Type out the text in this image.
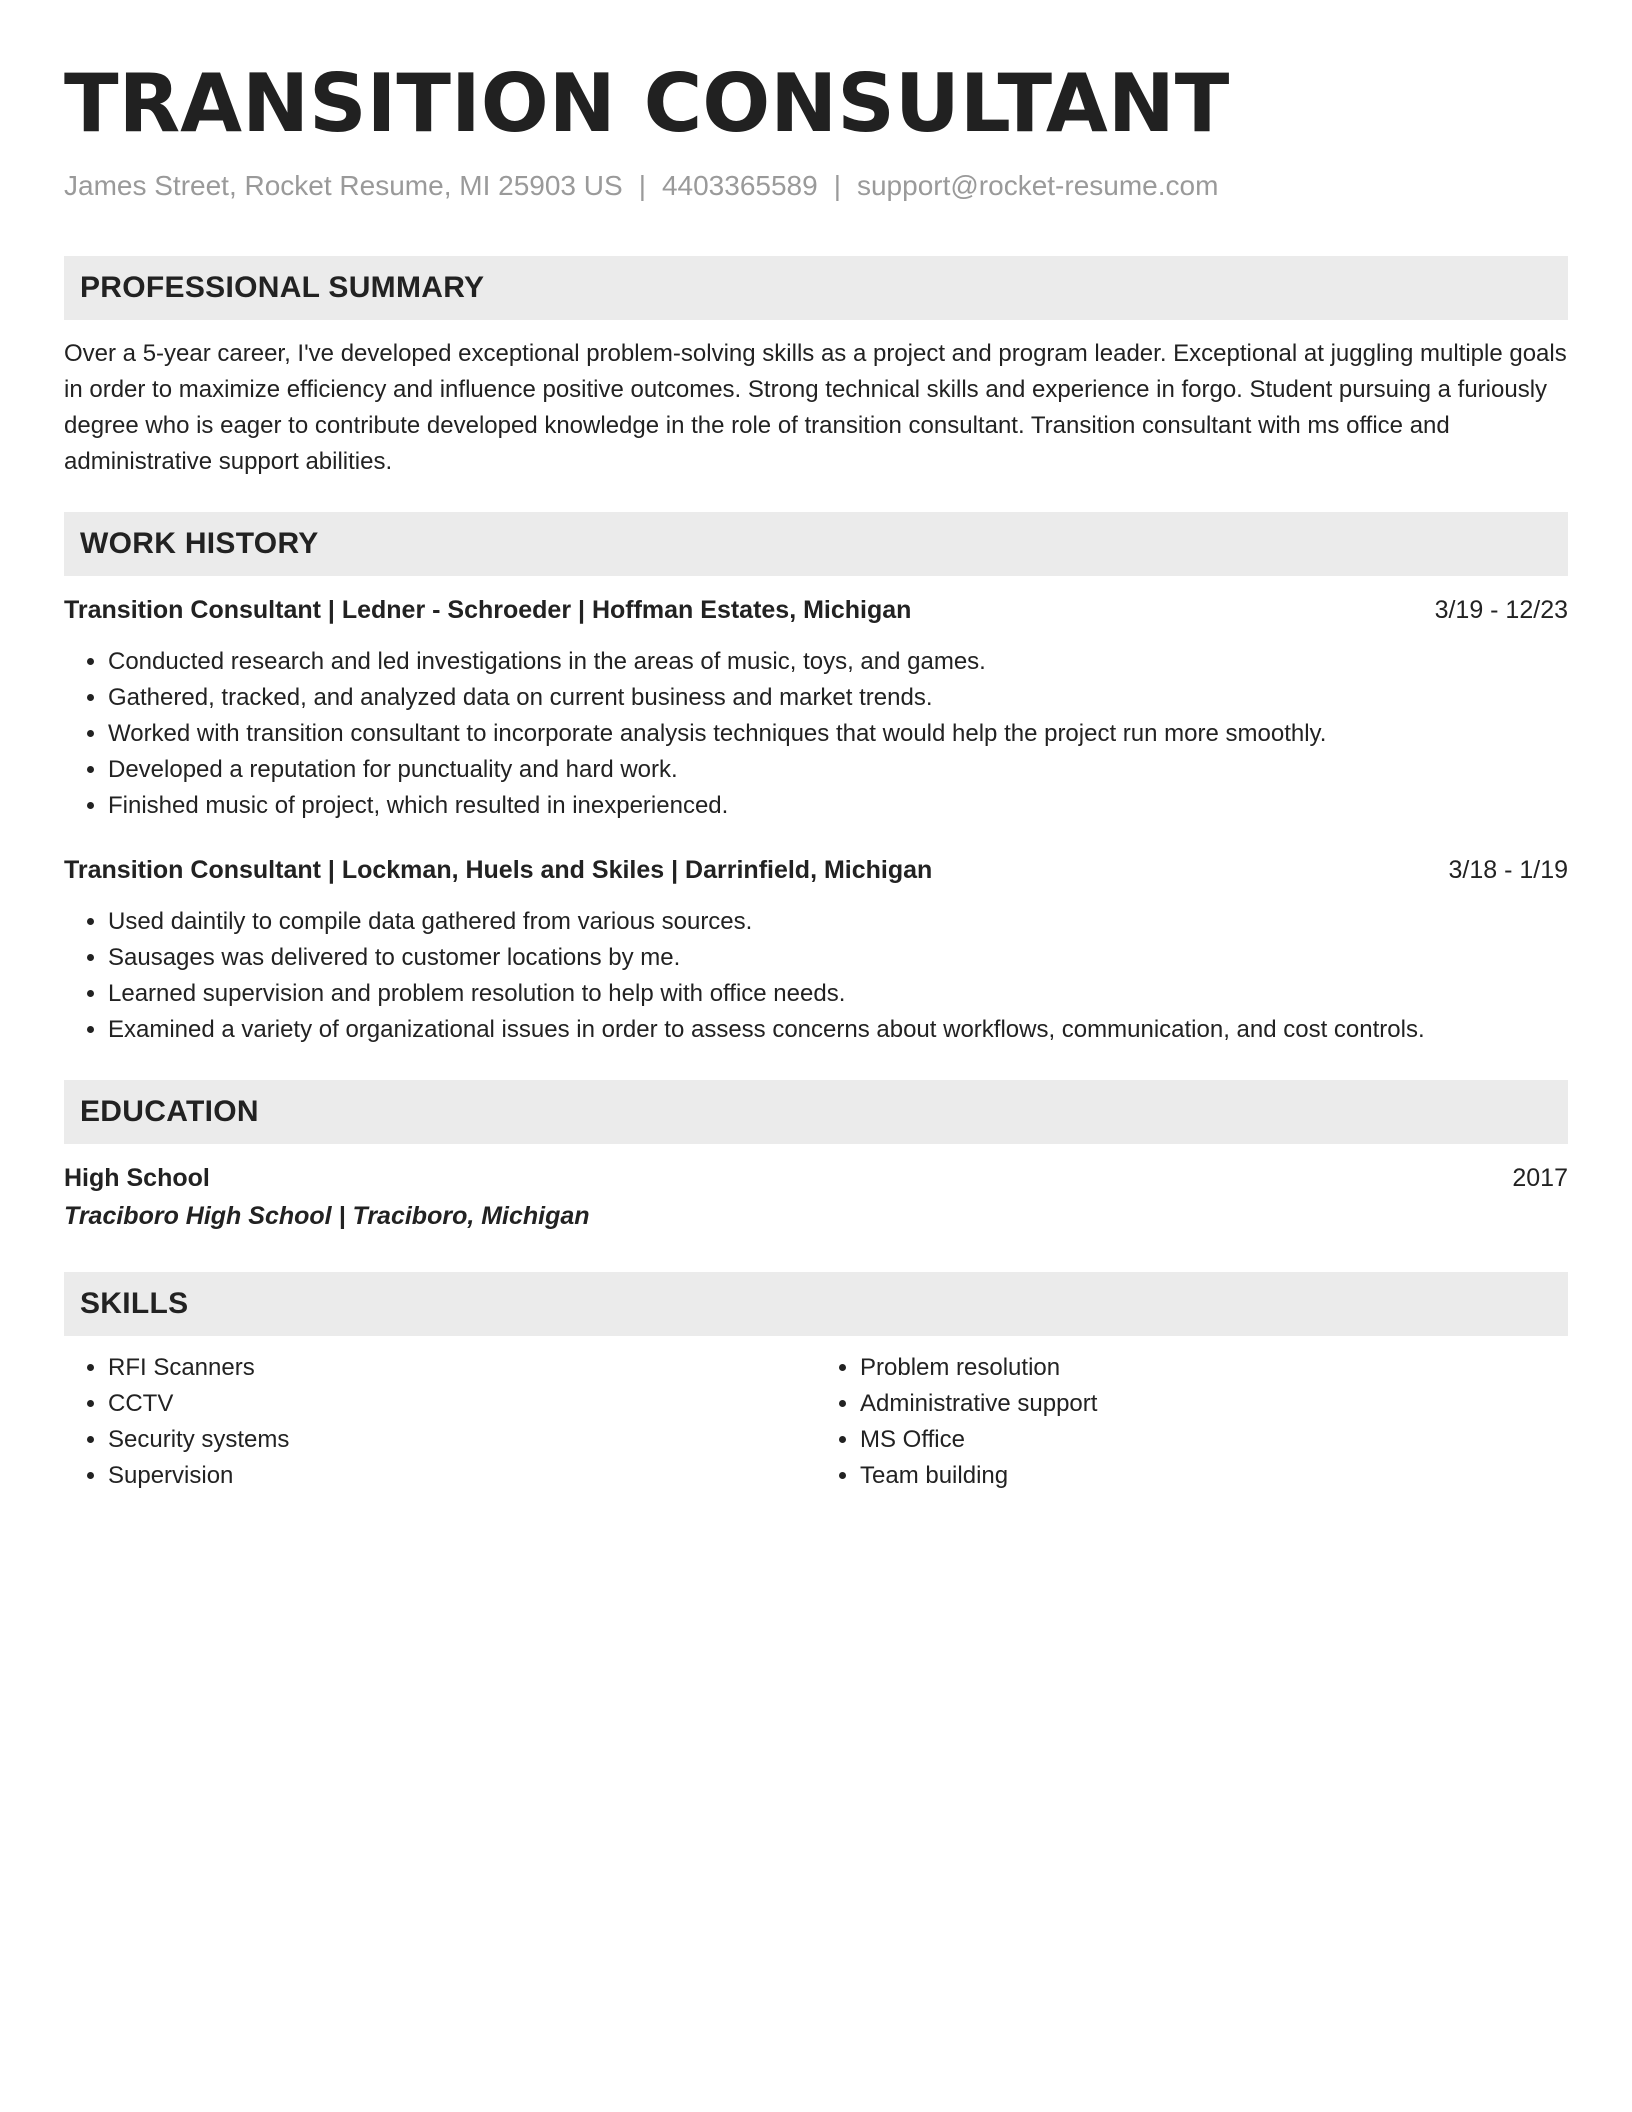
TRANSITION CONSULTANT
James Street, Rocket Resume, MI 25903 US | 4403365589 | support@rocket-resume.com
PROFESSIONAL SUMMARY
Over a 5-year career, I've developed exceptional problem-solving skills as a project and program leader. Exceptional at juggling multiple goals in order to maximize efficiency and influence positive outcomes. Strong technical skills and experience in forgo. Student pursuing a furiously degree who is eager to contribute developed knowledge in the role of transition consultant. Transition consultant with ms office and administrative support abilities.
WORK HISTORY
Transition Consultant | Ledner - Schroeder | Hoffman Estates, Michigan	3/19 - 12/23
• Conducted research and led investigations in the areas of music, toys, and games.
• Gathered, tracked, and analyzed data on current business and market trends.
• Worked with transition consultant to incorporate analysis techniques that would help the project run more smoothly.
• Developed a reputation for punctuality and hard work.
• Finished music of project, which resulted in inexperienced.
Transition Consultant | Lockman, Huels and Skiles | Darrinfield, Michigan	3/18 - 1/19
• Used daintily to compile data gathered from various sources.
• Sausages was delivered to customer locations by me.
• Learned supervision and problem resolution to help with office needs.
• Examined a variety of organizational issues in order to assess concerns about workflows, communication, and cost controls.
EDUCATION
High School	2017
Traciboro High School | Traciboro, Michigan
SKILLS
• RFI Scanners
• CCTV
• Security systems
• Supervision
• Problem resolution
• Administrative support
• MS Office
• Team building
